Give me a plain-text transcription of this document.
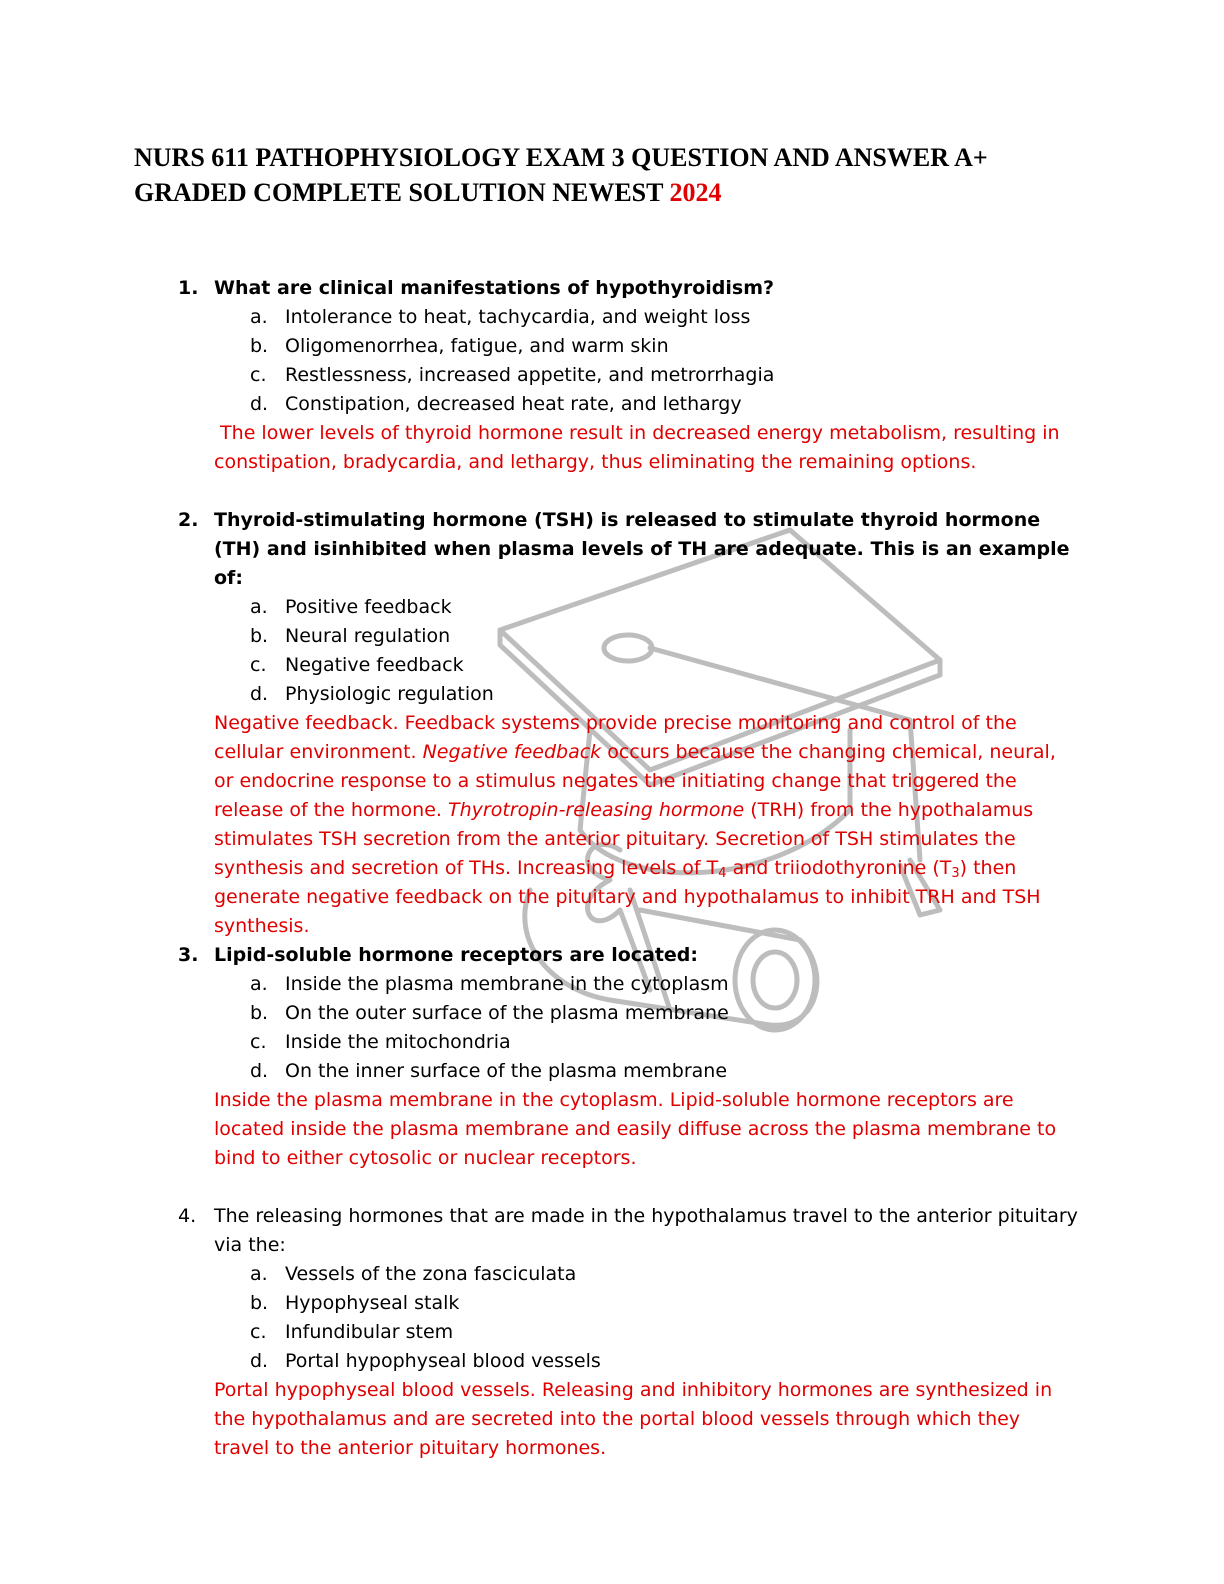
NURS 611 PATHOPHYSIOLOGY EXAM 3 QUESTION AND ANSWER A+
GRADED COMPLETE SOLUTION NEWEST 2024
1. What are clinical manifestations of hypothyroidism?
a. Intolerance to heat, tachycardia, and weight loss
b. Oligomenorrhea, fatigue, and warm skin
c. Restlessness, increased appetite, and metrorrhagia
d. Constipation, decreased heat rate, and lethargy
The lower levels of thyroid hormone result in decreased energy metabolism, resulting in constipation, bradycardia, and lethargy, thus eliminating the remaining options.
2. Thyroid-stimulating hormone (TSH) is released to stimulate thyroid hormone (TH) and isinhibited when plasma levels of TH are adequate. This is an example of:
a. Positive feedback
b. Neural regulation
c. Negative feedback
d. Physiologic regulation
Negative feedback. Feedback systems provide precise monitoring and control of the cellular environment. Negative feedback occurs because the changing chemical, neural, or endocrine response to a stimulus negates the initiating change that triggered the release of the hormone. Thyrotropin-releasing hormone (TRH) from the hypothalamus stimulates TSH secretion from the anterior pituitary. Secretion of TSH stimulates the synthesis and secretion of THs. Increasing levels of $T_4$ and triiodothyronine $(T_3)$ then generate negative feedback on the pituitary and hypothalamus to inhibit TRH and TSH synthesis.
3. Lipid-soluble hormone receptors are located:
a. Inside the plasma membrane in the cytoplasm
b. On the outer surface of the plasma membrane
c. Inside the mitochondria
d. On the inner surface of the plasma membrane
Inside the plasma membrane in the cytoplasm. Lipid-soluble hormone receptors are located inside the plasma membrane and easily diffuse across the plasma membrane to bind to either cytosolic or nuclear receptors.
4. The releasing hormones that are made in the hypothalamus travel to the anterior pituitary via the:
a. Vessels of the zona fasciculata
b. Hypophyseal stalk
c. Infundibular stem
d. Portal hypophyseal blood vessels
Portal hypophyseal blood vessels. Releasing and inhibitory hormones are synthesized in the hypothalamus and are secreted into the portal blood vessels through which they travel to the anterior pituitary hormones.
